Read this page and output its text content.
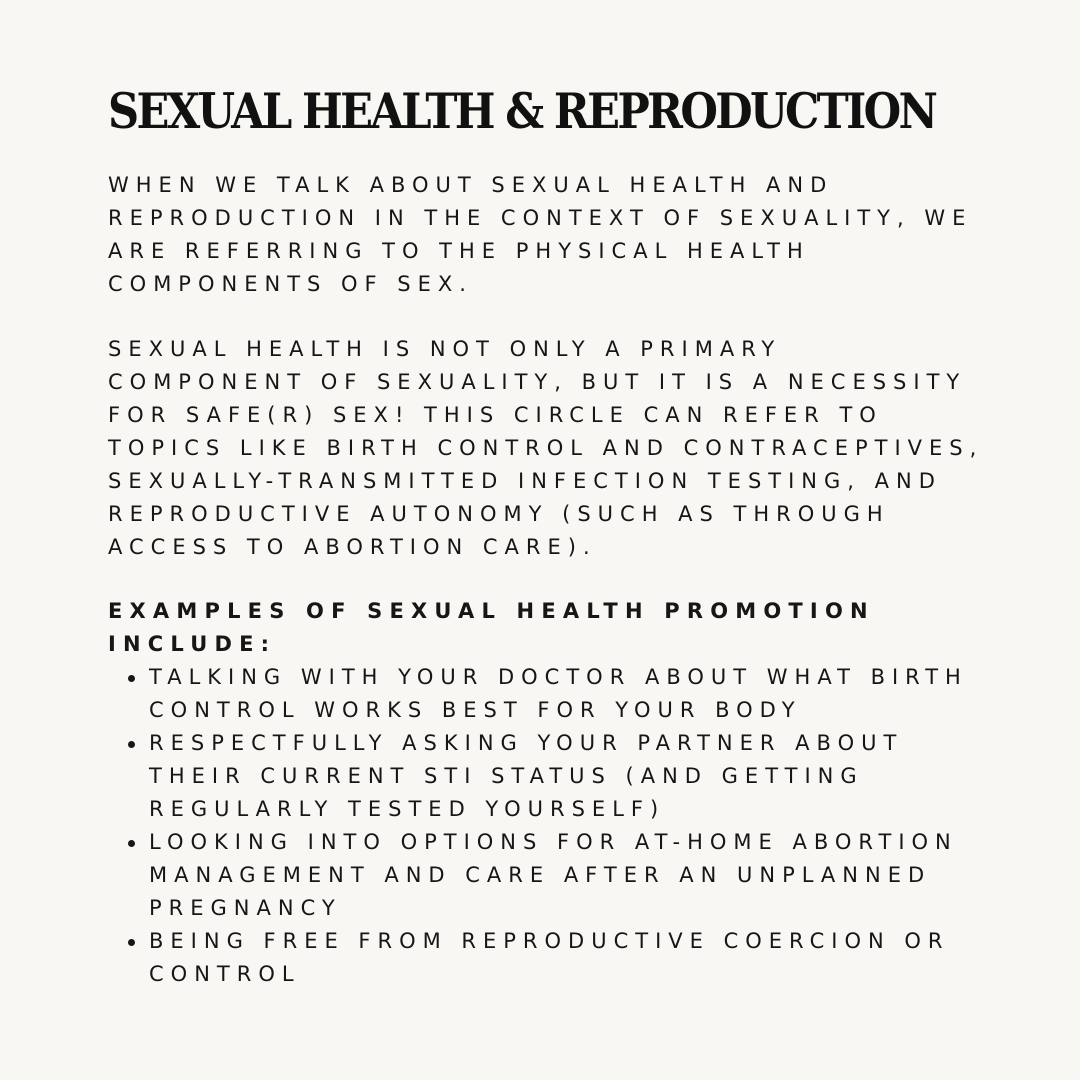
SEXUAL HEALTH & REPRODUCTION

WHEN WE TALK ABOUT SEXUAL HEALTH AND REPRODUCTION IN THE CONTEXT OF SEXUALITY, WE ARE REFERRING TO THE PHYSICAL HEALTH COMPONENTS OF SEX.

SEXUAL HEALTH IS NOT ONLY A PRIMARY COMPONENT OF SEXUALITY, BUT IT IS A NECESSITY FOR SAFE(R) SEX! THIS CIRCLE CAN REFER TO TOPICS LIKE BIRTH CONTROL AND CONTRACEPTIVES, SEXUALLY-TRANSMITTED INFECTION TESTING, AND REPRODUCTIVE AUTONOMY (SUCH AS THROUGH ACCESS TO ABORTION CARE).

EXAMPLES OF SEXUAL HEALTH PROMOTION INCLUDE:

TALKING WITH YOUR DOCTOR ABOUT WHAT BIRTH CONTROL WORKS BEST FOR YOUR BODY
RESPECTFULLY ASKING YOUR PARTNER ABOUT THEIR CURRENT STI STATUS (AND GETTING REGULARLY TESTED YOURSELF)
LOOKING INTO OPTIONS FOR AT-HOME ABORTION MANAGEMENT AND CARE AFTER AN UNPLANNED PREGNANCY
BEING FREE FROM REPRODUCTIVE COERCION OR CONTROL
